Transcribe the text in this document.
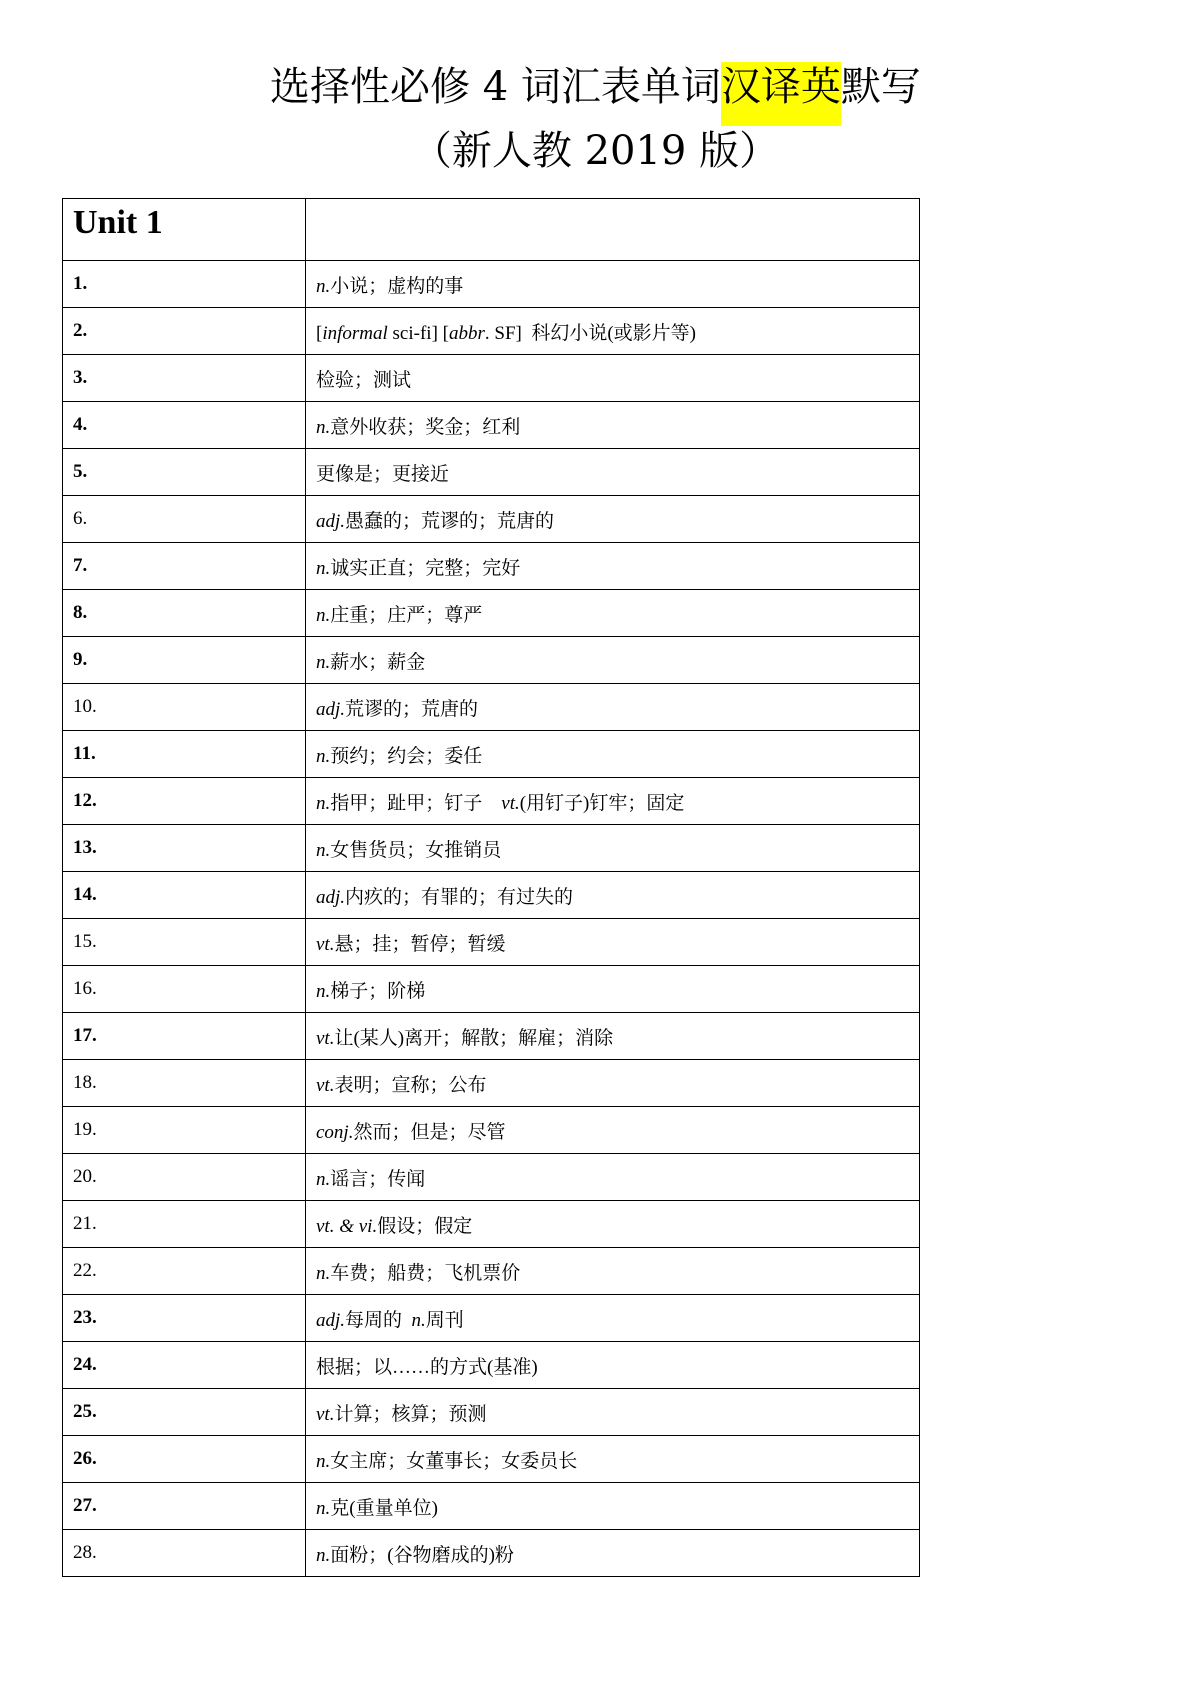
选择性必修 4 词汇表单词汉译英默写
（新人教 2019 版）
Unit 1	

1.	n.小说；虚构的事
2.	[informal sci-fi] [abbr. SF]  科幻小说(或影片等)
3.	检验；测试
4.	n.意外收获；奖金；红利
5.	更像是；更接近
6.	adj.愚蠢的；荒谬的；荒唐的
7.	n.诚实正直；完整；完好
8.	n.庄重；庄严；尊严
9.	n.薪水；薪金
10.	adj.荒谬的；荒唐的
11.	n.预约；约会；委任
12.	n.指甲；趾甲；钉子    vt.(用钉子)钉牢；固定
13.	n.女售货员；女推销员
14.	adj.内疚的；有罪的；有过失的
15.	vt.悬；挂；暂停；暂缓
16.	n.梯子；阶梯
17.	vt.让(某人)离开；解散；解雇；消除
18.	vt.表明；宣称；公布
19.	conj.然而；但是；尽管
20.	n.谣言；传闻
21.	vt. & vi.假设；假定
22.	n.车费；船费；飞机票价
23.	adj.每周的  n.周刊
24.	根据；以……的方式(基准)
25.	vt.计算；核算；预测
26.	n.女主席；女董事长；女委员长
27.	n.克(重量单位)
28.	n.面粉；(谷物磨成的)粉
